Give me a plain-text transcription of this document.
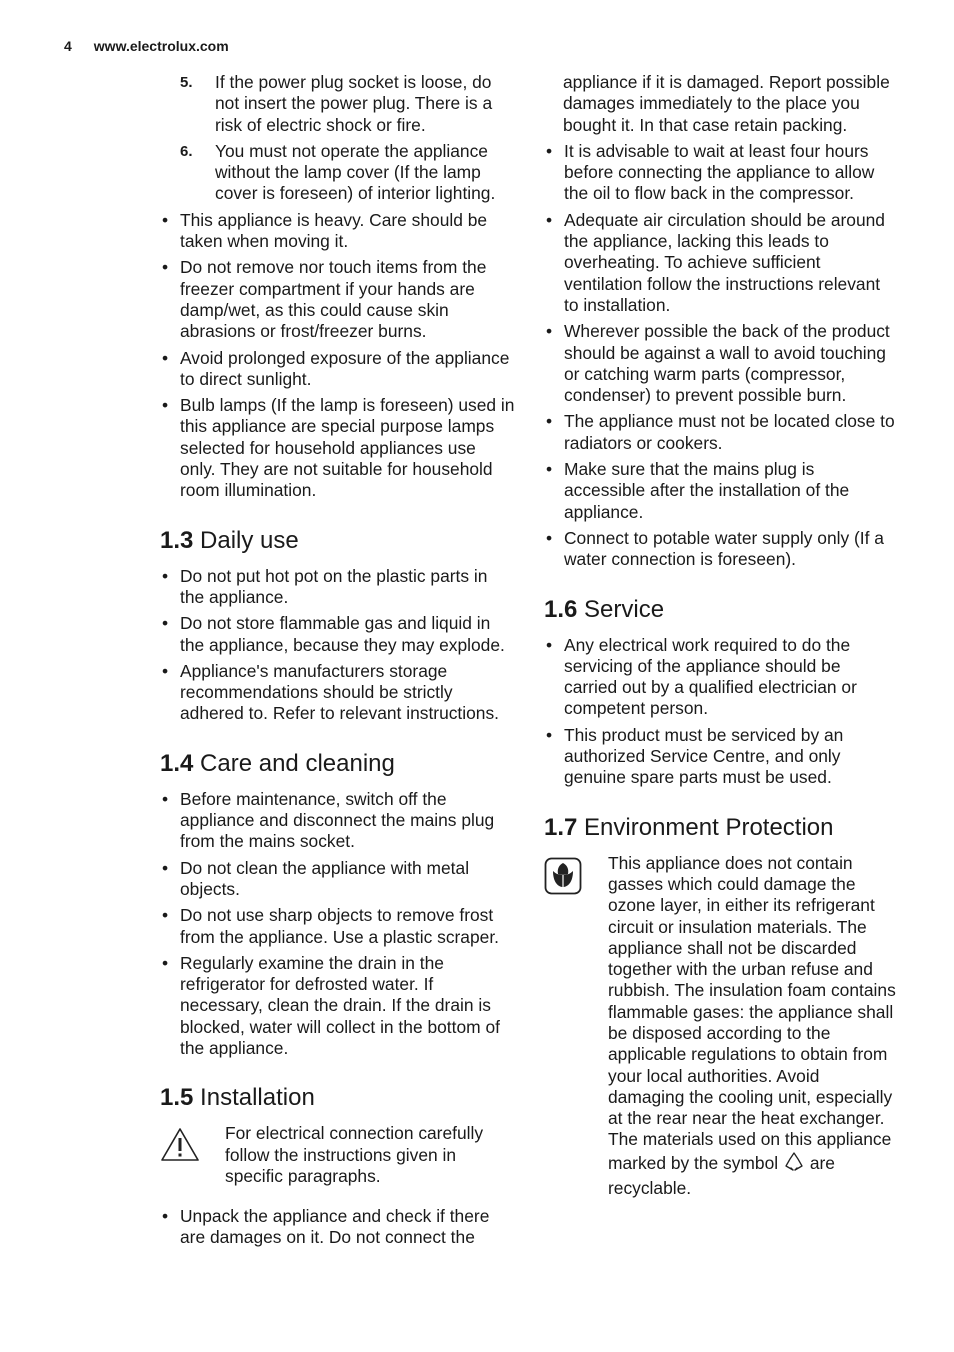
4 www.electrolux.com
5. If the power plug socket is loose, do not insert the power plug. There is a risk of electric shock or fire.
6. You must not operate the appliance without the lamp cover (If the lamp cover is foreseen) of interior lighting.
• This appliance is heavy. Care should be taken when moving it.
• Do not remove nor touch items from the freezer compartment if your hands are damp/wet, as this could cause skin abrasions or frost/freezer burns.
• Avoid prolonged exposure of the appliance to direct sunlight.
• Bulb lamps (If the lamp is foreseen) used in this appliance are special purpose lamps selected for household appliances use only. They are not suitable for household room illumination.
1.3 Daily use
• Do not put hot pot on the plastic parts in the appliance.
• Do not store flammable gas and liquid in the appliance, because they may explode.
• Appliance's manufacturers storage recommendations should be strictly adhered to. Refer to relevant instructions.
1.4 Care and cleaning
• Before maintenance, switch off the appliance and disconnect the mains plug from the mains socket.
• Do not clean the appliance with metal objects.
• Do not use sharp objects to remove frost from the appliance. Use a plastic scraper.
• Regularly examine the drain in the refrigerator for defrosted water. If necessary, clean the drain. If the drain is blocked, water will collect in the bottom of the appliance.
1.5 Installation
For electrical connection carefully follow the instructions given in specific paragraphs.
• Unpack the appliance and check if there are damages on it. Do not connect the

appliance if it is damaged. Report possible damages immediately to the place you bought it. In that case retain packing.

• It is advisable to wait at least four hours before connecting the appliance to allow the oil to flow back in the compressor.
• Adequate air circulation should be around the appliance, lacking this leads to overheating. To achieve sufficient ventilation follow the instructions relevant to installation.
• Wherever possible the back of the product should be against a wall to avoid touching or catching warm parts (compressor, condenser) to prevent possible burn.
• The appliance must not be located close to radiators or cookers.
• Make sure that the mains plug is accessible after the installation of the appliance.
• Connect to potable water supply only (If a water connection is foreseen).
1.6 Service
• Any electrical work required to do the servicing of the appliance should be carried out by a qualified electrician or competent person.
• This product must be serviced by an authorized Service Centre, and only genuine spare parts must be used.
1.7 Environment Protection
This appliance does not contain gasses which could damage the ozone layer, in either its refrigerant circuit or insulation materials. The appliance shall not be discarded together with the urban refuse and rubbish. The insulation foam contains flammable gases: the appliance shall be disposed according to the applicable regulations to obtain from your local authorities. Avoid damaging the cooling unit, especially at the rear near the heat exchanger. The materials used on this appliance marked by the symbol are recyclable.
